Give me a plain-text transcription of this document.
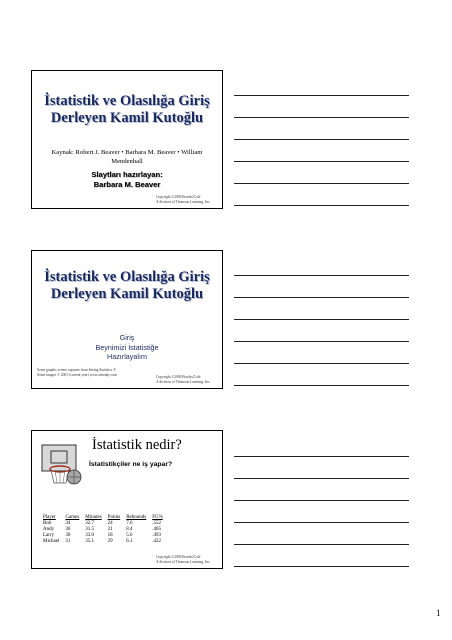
İstatistik ve Olasılığa Giriş
Derleyen Kamil Kutoğlu
Kaynak: Robert J. Beaver • Barbara M. Beaver • William Mendenhall
Slaytları hazırlayan:
Barbara M. Beaver
Copyright ©2006 Brooks/Cole
A division of Thomson Learning, Inc.
İstatistik ve Olasılığa Giriş
Derleyen Kamil Kutoğlu
Giriş
Beynimizi İstatistiğe
Hazırlayalım
Some graphic screen captures from Seeing Statistics ®
Some images © 2001-(current year) www.arttoday.com
Copyright ©2006 Brooks/Cole
A division of Thomson Learning, Inc.
İstatistik nedir?
İstatistikçiler ne iş yapar?
Player	Games	Minutes	Points	Rebounds	FG%
Bob	34	32.7	24	7.6	.552
Andy	36	31.5	21	8.4	.465
Larry	30	33.0	18	5.6	.493
Michael	31	35.1	29	6.1	.422
Copyright ©2006 Brooks/Cole
A division of Thomson Learning, Inc.
1
